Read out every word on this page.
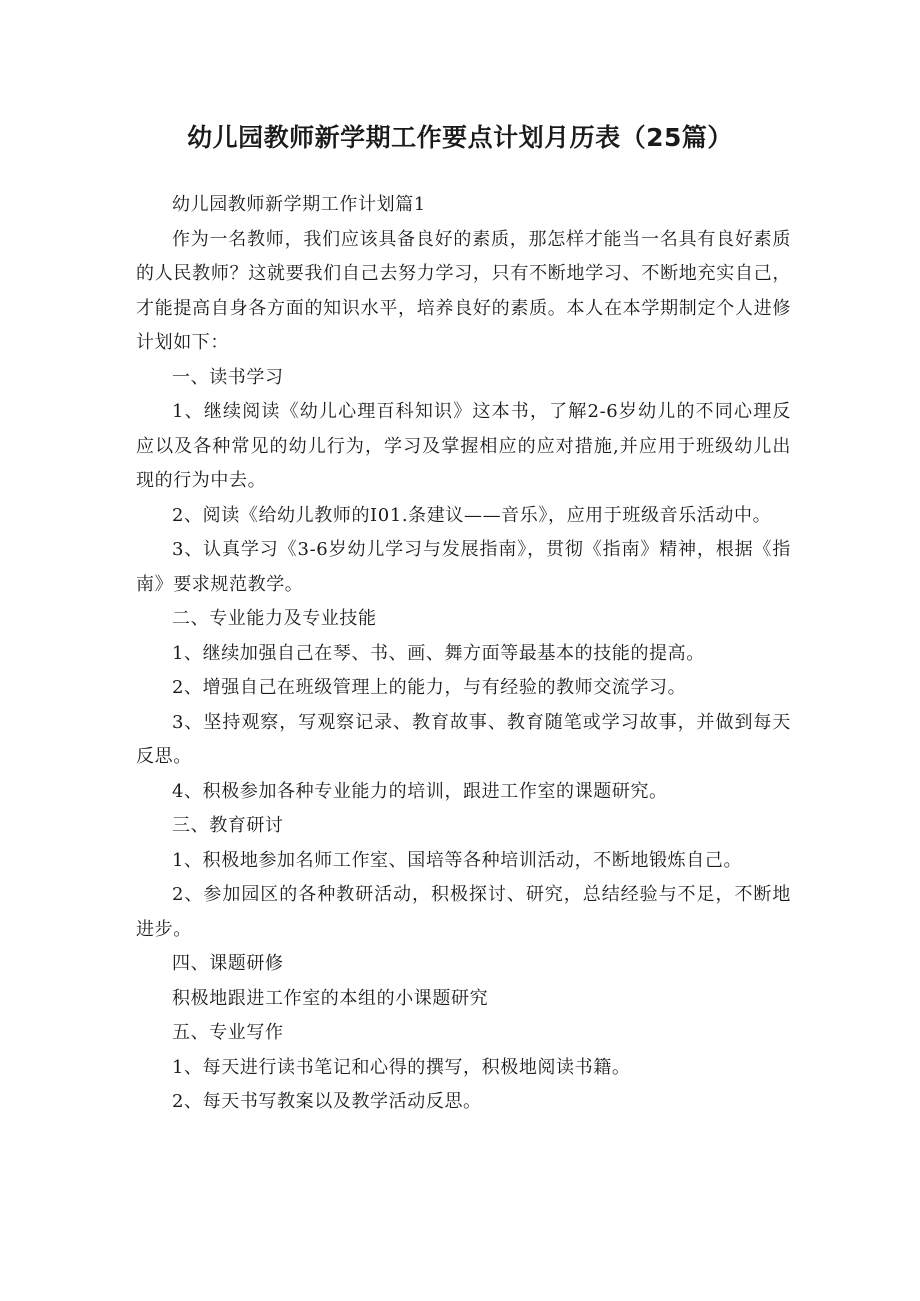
幼儿园教师新学期工作要点计划月历表（25篇）

幼儿园教师新学期工作计划篇1

作为一名教师，我们应该具备良好的素质，那怎样才能当一名具有良好素质的人民教师？这就要我们自己去努力学习，只有不断地学习、不断地充实自己，才能提高自身各方面的知识水平，培养良好的素质。本人在本学期制定个人进修计划如下：

一、读书学习

1、继续阅读《幼儿心理百科知识》这本书，了解2-6岁幼儿的不同心理反应以及各种常见的幼儿行为，学习及掌握相应的应对措施,并应用于班级幼儿出现的行为中去。

2、阅读《给幼儿教师的I01.条建议——音乐》，应用于班级音乐活动中。

3、认真学习《3-6岁幼儿学习与发展指南》，贯彻《指南》精神，根据《指南》要求规范教学。

二、专业能力及专业技能

1、继续加强自己在琴、书、画、舞方面等最基本的技能的提高。

2、增强自己在班级管理上的能力，与有经验的教师交流学习。

3、坚持观察，写观察记录、教育故事、教育随笔或学习故事，并做到每天反思。

4、积极参加各种专业能力的培训，跟进工作室的课题研究。

三、教育研讨

1、积极地参加名师工作室、国培等各种培训活动，不断地锻炼自己。

2、参加园区的各种教研活动，积极探讨、研究，总结经验与不足，不断地进步。

四、课题研修

积极地跟进工作室的本组的小课题研究

五、专业写作

1、每天进行读书笔记和心得的撰写，积极地阅读书籍。

2、每天书写教案以及教学活动反思。
